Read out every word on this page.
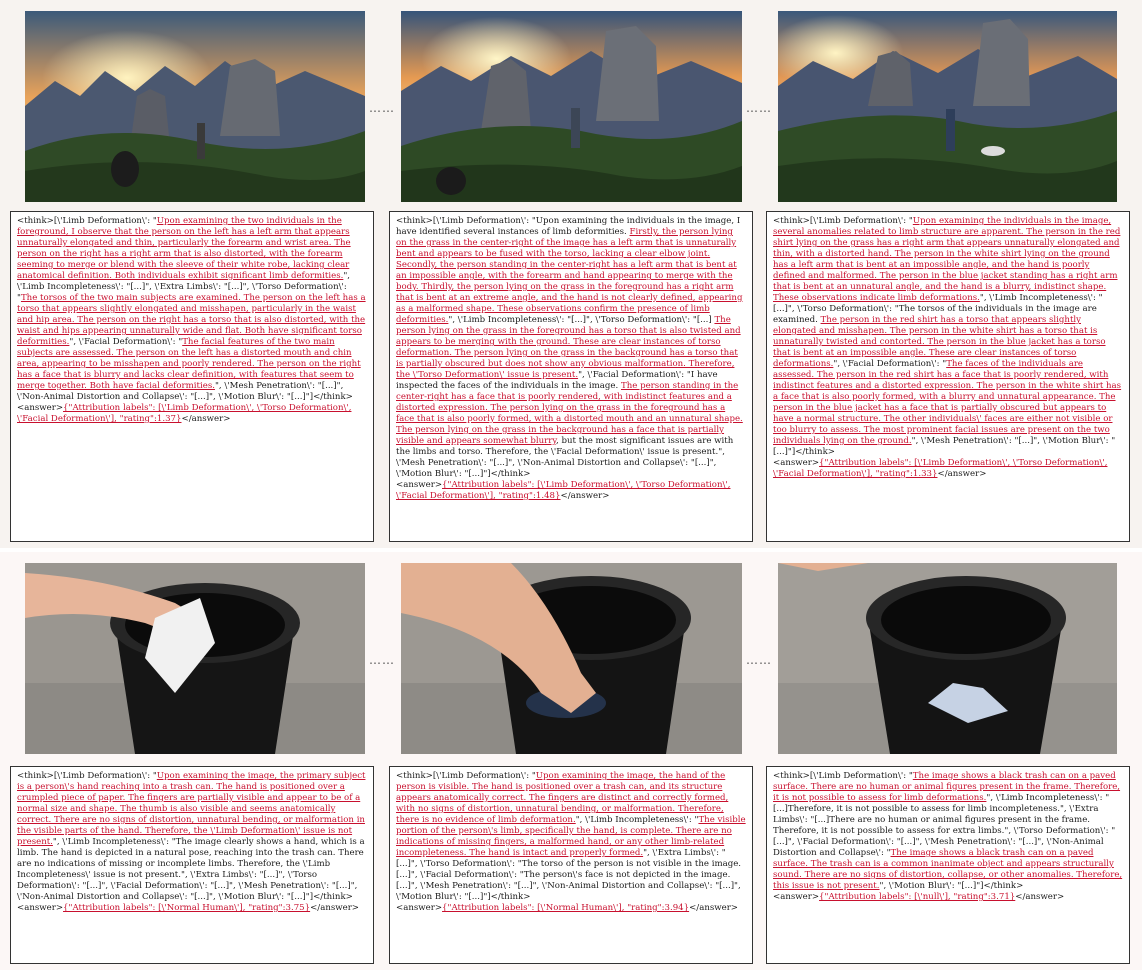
……	……
<think>[\'Limb Deformation\': "Upon examining the two individuals in the foreground, I observe that the person on the left has a left arm that appears unnaturally elongated and thin, particularly the forearm and wrist area. The person on the right has a right arm that is also distorted, with the forearm seeming to merge or blend with the sleeve of their white robe, lacking clear anatomical definition. Both individuals exhibit significant limb deformities.", \'Limb Incompleteness\': "[...]", \'Extra Limbs\': "[...]", \'Torso Deformation\': "The torsos of the two main subjects are examined. The person on the left has a torso that appears slightly elongated and misshapen, particularly in the waist and hip area. The person on the right has a torso that is also distorted, with the waist and hips appearing unnaturally wide and flat. Both have significant torso deformities.", \'Facial Deformation\': "The facial features of the two main subjects are assessed. The person on the left has a distorted mouth and chin area, appearing to be misshapen and poorly rendered. The person on the right has a face that is blurry and lacks clear definition, with features that seem to merge together. Both have facial deformities.", \'Mesh Penetration\': "[...]", \'Non-Animal Distortion and Collapse\': "[...]", \'Motion Blur\': "[...]"]</think>
<answer>{"Attribution labels": [\'Limb Deformation\', \'Torso Deformation\', \'Facial Deformation\'], "rating":1.37}</answer>
<think>[\'Limb Deformation\': "Upon examining the individuals in the image, I have identified several instances of limb deformities. Firstly, the person lying on the grass in the center-right of the image has a left arm that is unnaturally bent and appears to be fused with the torso, lacking a clear elbow joint. Secondly, the person standing in the center-right has a left arm that is bent at an impossible angle, with the forearm and hand appearing to merge with the body. Thirdly, the person lying on the grass in the foreground has a right arm that is bent at an extreme angle, and the hand is not clearly defined, appearing as a malformed shape. These observations confirm the presence of limb deformities.", \'Limb Incompleteness\': "[...]", \'Torso Deformation\': "[...] The person lying on the grass in the foreground has a torso that is also twisted and appears to be merging with the ground. These are clear instances of torso deformation. The person lying on the grass in the background has a torso that is partially obscured but does not show any obvious malformation. Therefore, the \'Torso Deformation\' issue is present.", \'Facial Deformation\': "I have inspected the faces of the individuals in the image. The person standing in the center-right has a face that is poorly rendered, with indistinct features and a distorted expression. The person lying on the grass in the foreground has a face that is also poorly formed, with a distorted mouth and an unnatural shape. The person lying on the grass in the background has a face that is partially visible and appears somewhat blurry, but the most significant issues are with the limbs and torso. Therefore, the \'Facial Deformation\' issue is present.", \'Mesh Penetration\': "[...]", \'Non-Animal Distortion and Collapse\': "[...]", \'Motion Blur\': "[...]"]</think>
<answer>{"Attribution labels": [\'Limb Deformation\', \'Torso Deformation\', \'Facial Deformation\'], "rating":1.48}</answer>
<think>[\'Limb Deformation\': "Upon examining the individuals in the image, several anomalies related to limb structure are apparent. The person in the red shirt lying on the grass has a right arm that appears unnaturally elongated and thin, with a distorted hand. The person in the white shirt lying on the ground has a left arm that is bent at an impossible angle, and the hand is poorly defined and malformed. The person in the blue jacket standing has a right arm that is bent at an unnatural angle, and the hand is a blurry, indistinct shape. These observations indicate limb deformations.", \'Limb Incompleteness\': "[...]", \'Torso Deformation\': "The torsos of the individuals in the image are examined. The person in the red shirt has a torso that appears slightly elongated and misshapen. The person in the white shirt has a torso that is unnaturally twisted and contorted. The person in the blue jacket has a torso that is bent at an impossible angle. These are clear instances of torso deformations.", \'Facial Deformation\': "The faces of the individuals are assessed. The person in the red shirt has a face that is poorly rendered, with indistinct features and a distorted expression. The person in the white shirt has a face that is also poorly formed, with a blurry and unnatural appearance. The person in the blue jacket has a face that is partially obscured but appears to have a normal structure. The other individuals\' faces are either not visible or too blurry to assess. The most prominent facial issues are present on the two individuals lying on the ground.", \'Mesh Penetration\': "[...]", \'Motion Blur\': "[...]"]</think>
<answer>{"Attribution labels": [\'Limb Deformation\', \'Torso Deformation\', \'Facial Deformation\'], "rating":1.33}</answer>
……	……
<think>[\'Limb Deformation\': "Upon examining the image, the primary subject is a person\'s hand reaching into a trash can. The hand is positioned over a crumpled piece of paper. The fingers are partially visible and appear to be of a normal size and shape. The thumb is also visible and seems anatomically correct. There are no signs of distortion, unnatural bending, or malformation in the visible parts of the hand. Therefore, the \'Limb Deformation\' issue is not present.", \'Limb Incompleteness\': "The image clearly shows a hand, which is a limb. The hand is depicted in a natural pose, reaching into the trash can. There are no indications of missing or incomplete limbs. Therefore, the \'Limb Incompleteness\' issue is not present.", \'Extra Limbs\': "[...]", \'Torso Deformation\': "[...]", \'Facial Deformation\': "[...]", \'Mesh Penetration\': "[...]", \'Non-Animal Distortion and Collapse\': "[...]", \'Motion Blur\': "[...]"]</think>
<answer>{"Attribution labels": [\'Normal Human\'], "rating":3.75}</answer>
<think>[\'Limb Deformation\': "Upon examining the image, the hand of the person is visible. The hand is positioned over a trash can, and its structure appears anatomically correct. The fingers are distinct and correctly formed, with no signs of distortion, unnatural bending, or malformation. Therefore, there is no evidence of limb deformation.", \'Limb Incompleteness\': "The visible portion of the person\'s limb, specifically the hand, is complete. There are no indications of missing fingers, a malformed hand, or any other limb-related incompleteness. The hand is intact and properly formed.", \'Extra Limbs\': "[...]", \'Torso Deformation\': "The torso of the person is not visible in the image. [...]", \'Facial Deformation\': "The person\'s face is not depicted in the image. [...]", \'Mesh Penetration\': "[...]", \'Non-Animal Distortion and Collapse\': "[...]", \'Motion Blur\': "[...]"]</think>
<answer>{"Attribution labels": [\'Normal Human\'], "rating":3.94}</answer>
<think>[\'Limb Deformation\': "The image shows a black trash can on a paved surface. There are no human or animal figures present in the frame. Therefore, it is not possible to assess for limb deformations.", \'Limb Incompleteness\': "[...]Therefore, it is not possible to assess for limb incompleteness.", \'Extra Limbs\': "[...]There are no human or animal figures present in the frame. Therefore, it is not possible to assess for extra limbs.", \'Torso Deformation\': "[...]", \'Facial Deformation\': "[...]", \'Mesh Penetration\': "[...]", \'Non-Animal Distortion and Collapse\': "The image shows a black trash can on a paved surface. The trash can is a common inanimate object and appears structurally sound. There are no signs of distortion, collapse, or other anomalies. Therefore, this issue is not present.", \'Motion Blur\': "[...]"]</think>
<answer>{"Attribution labels": [\'null\'], "rating":3.71}</answer>
